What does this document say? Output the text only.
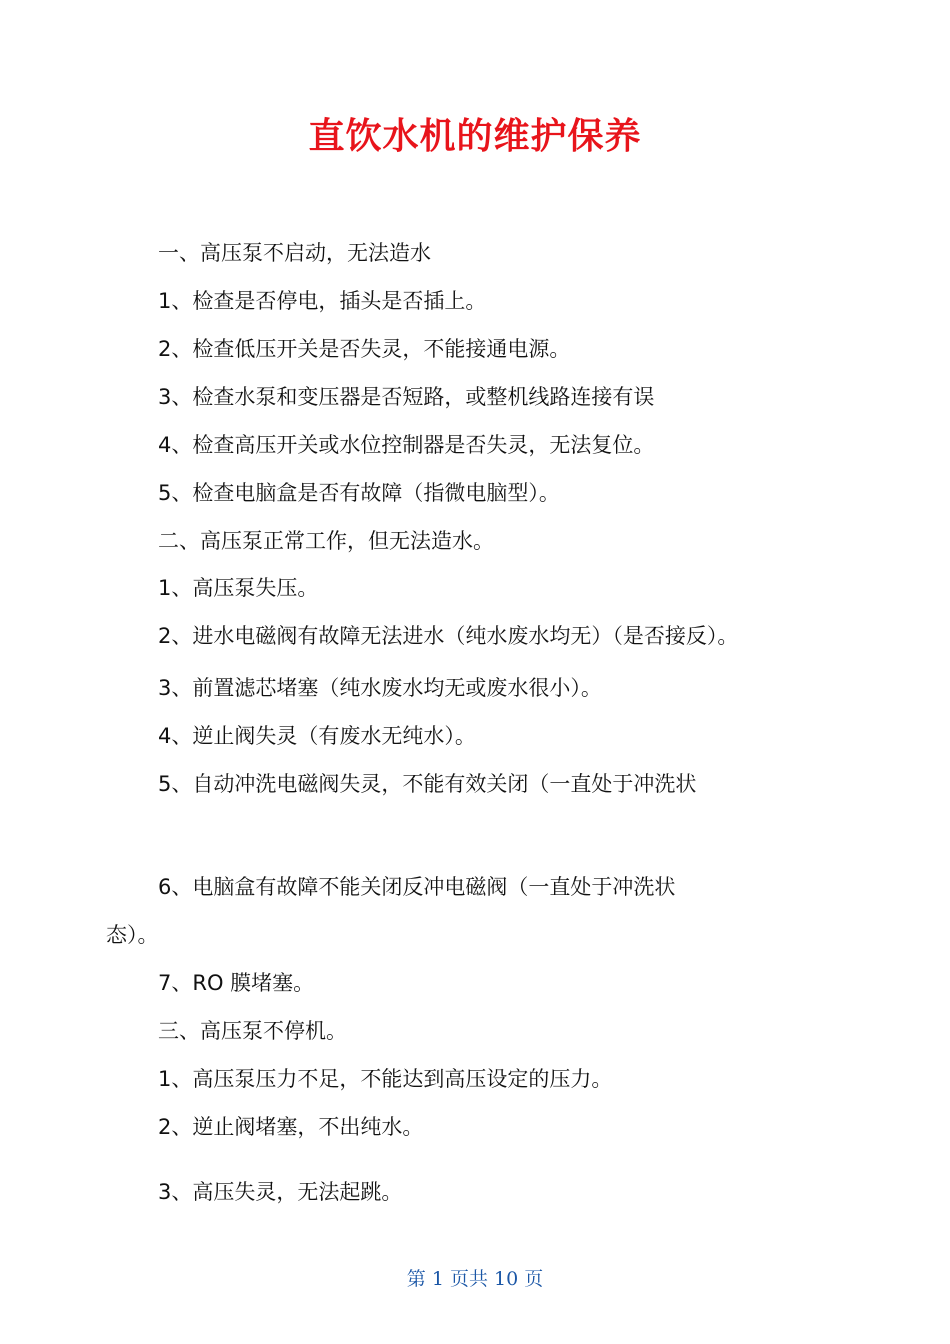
直饮水机的维护保养
一、高压泵不启动，无法造水
1、检查是否停电，插头是否插上。
2、检查低压开关是否失灵，不能接通电源。
3、检查水泵和变压器是否短路，或整机线路连接有误
4、检查高压开关或水位控制器是否失灵，无法复位。
5、检查电脑盒是否有故障（指微电脑型）。
二、高压泵正常工作，但无法造水。
1、高压泵失压。
2、进水电磁阀有故障无法进水（纯水废水均无）（是否接反）。
3、前置滤芯堵塞（纯水废水均无或废水很小）。
4、逆止阀失灵（有废水无纯水）。
5、自动冲洗电磁阀失灵，不能有效关闭（一直处于冲洗状
6、电脑盒有故障不能关闭反冲电磁阀（一直处于冲洗状
态）。
7、RO 膜堵塞。
三、高压泵不停机。
1、高压泵压力不足，不能达到高压设定的压力。
2、逆止阀堵塞，不出纯水。
3、高压失灵，无法起跳。
第 1 页共 10 页
